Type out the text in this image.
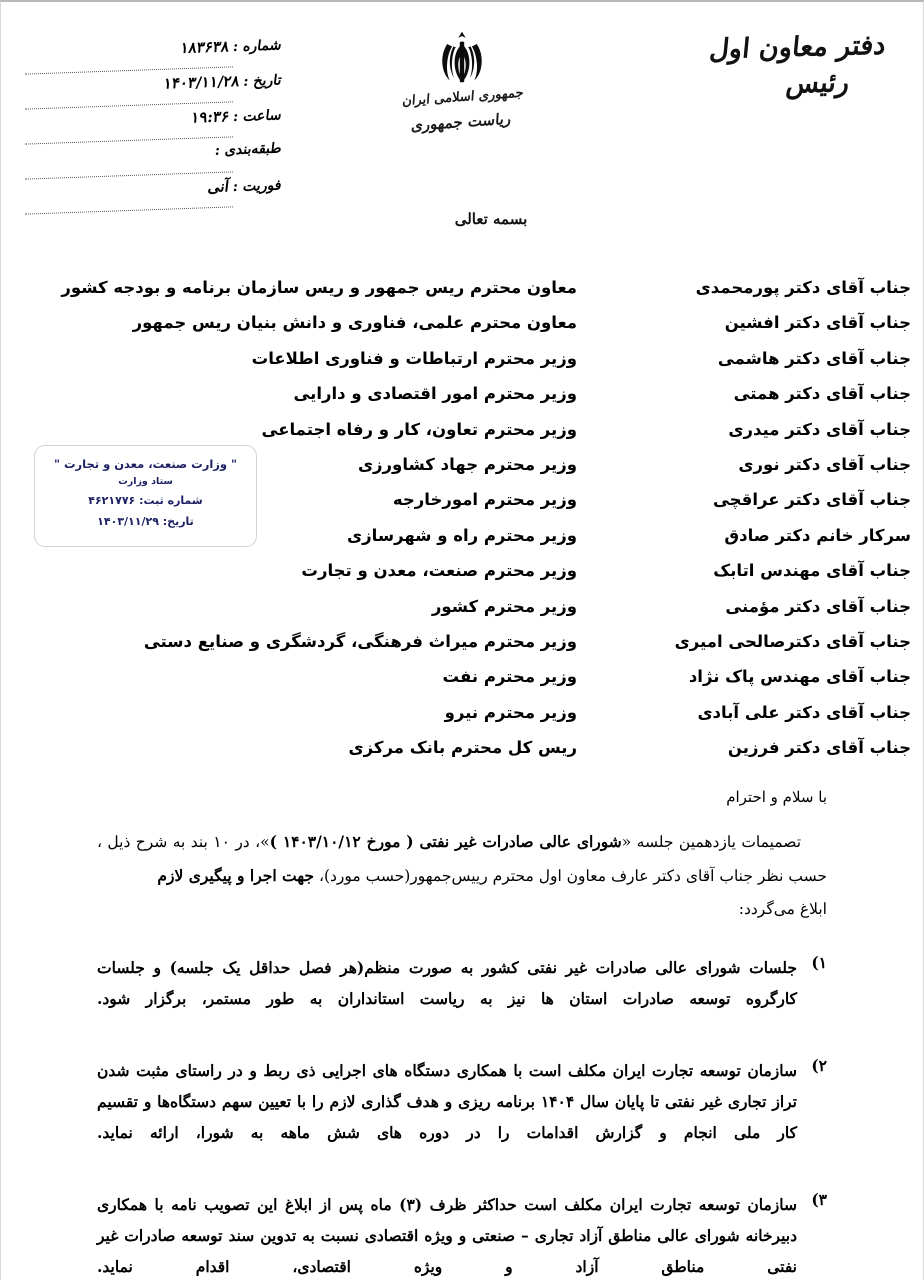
دفتر معاون اول
رئیس
جمهوری اسلامی ایران
ریاست جمهوری
شماره :
۱۸۳۶۳۸
تاریخ :
۱۴۰۳/۱۱/۲۸
ساعت :
۱۹:۳۶
طبقه‌بندی :
فوریت :
آنی
بسمه تعالی
جناب آقای دکتر پورمحمدی
معاون محترم ریس جمهور و ریس سازمان برنامه و بودجه کشور
جناب آقای دکتر افشین
معاون محترم علمی، فناوری و دانش بنیان ریس جمهور
جناب آقای دکتر هاشمی
وزیر محترم ارتباطات و فناوری اطلاعات
جناب آقای دکتر همتی
وزیر محترم امور اقتصادی و دارایی
جناب آقای دکتر میدری
وزیر محترم تعاون، کار و رفاه اجتماعی
جناب آقای دکتر نوری
وزیر محترم جهاد کشاورزی
جناب آقای دکتر عراقچی
وزیر محترم امورخارجه
سرکار خانم دکتر صادق
وزیر محترم راه و شهرسازی
جناب آقای مهندس اتابک
وزیر محترم صنعت، معدن و تجارت
جناب آقای دکتر مؤمنی
وزیر محترم کشور
جناب آقای دکترصالحی امیری
وزیر محترم میراث فرهنگی، گردشگری و صنایع دستی
جناب آقای مهندس پاک نژاد
وزیر محترم نفت
جناب آقای دکتر علی آبادی
وزیر محترم نیرو
جناب آقای دکتر فرزین
ریس کل محترم بانک مرکزی
" وزارت صنعت، معدن و تجارت "
ستاد وزارت
شماره ثبت: ۴۶۲۱۷۷۶
تاریخ: ۱۴۰۳/۱۱/۲۹
با سلام و احترام
تصمیمات یازدهمین جلسه «شورای عالی صادرات غیر نفتی ( مورخ ۱۴۰۳/۱۰/۱۲ )»، در ۱۰ بند به شرح ذیل ، حسب نظر جناب آقای دکتر عارف معاون اول محترم رییس‌جمهور(حسب مورد)، جهت اجرا و پیگیری لازم
ابلاغ می‌گردد:
۱)
جلسات شورای عالی صادرات غیر نفتی کشور به صورت منظم(هر فصل حداقل یک جلسه) و جلسات کارگروه توسعه صادرات استان ها نیز به ریاست استانداران به طور مستمر، برگزار شود.
۲)
سازمان توسعه تجارت ایران مکلف است با همکاری دستگاه های اجرایی ذی ربط و در راستای مثبت شدن تراز تجاری غیر نفتی تا پایان سال ۱۴۰۴ برنامه ریزی و هدف گذاری لازم را با تعیین سهم دستگاه‌ها و تقسیم کار ملی انجام و گزارش اقدامات را در دوره های شش ماهه به شورا، ارائه نماید.
۳)
سازمان توسعه تجارت ایران مکلف است حداکثر ظرف (۳) ماه پس از ابلاغ این تصویب نامه با همکاری دبیرخانه شورای عالی مناطق آزاد تجاری – صنعتی و ویژه اقتصادی نسبت به تدوین سند توسعه صادرات غیر نفتی مناطق آزاد و ویژه اقتصادی، اقدام نماید.
